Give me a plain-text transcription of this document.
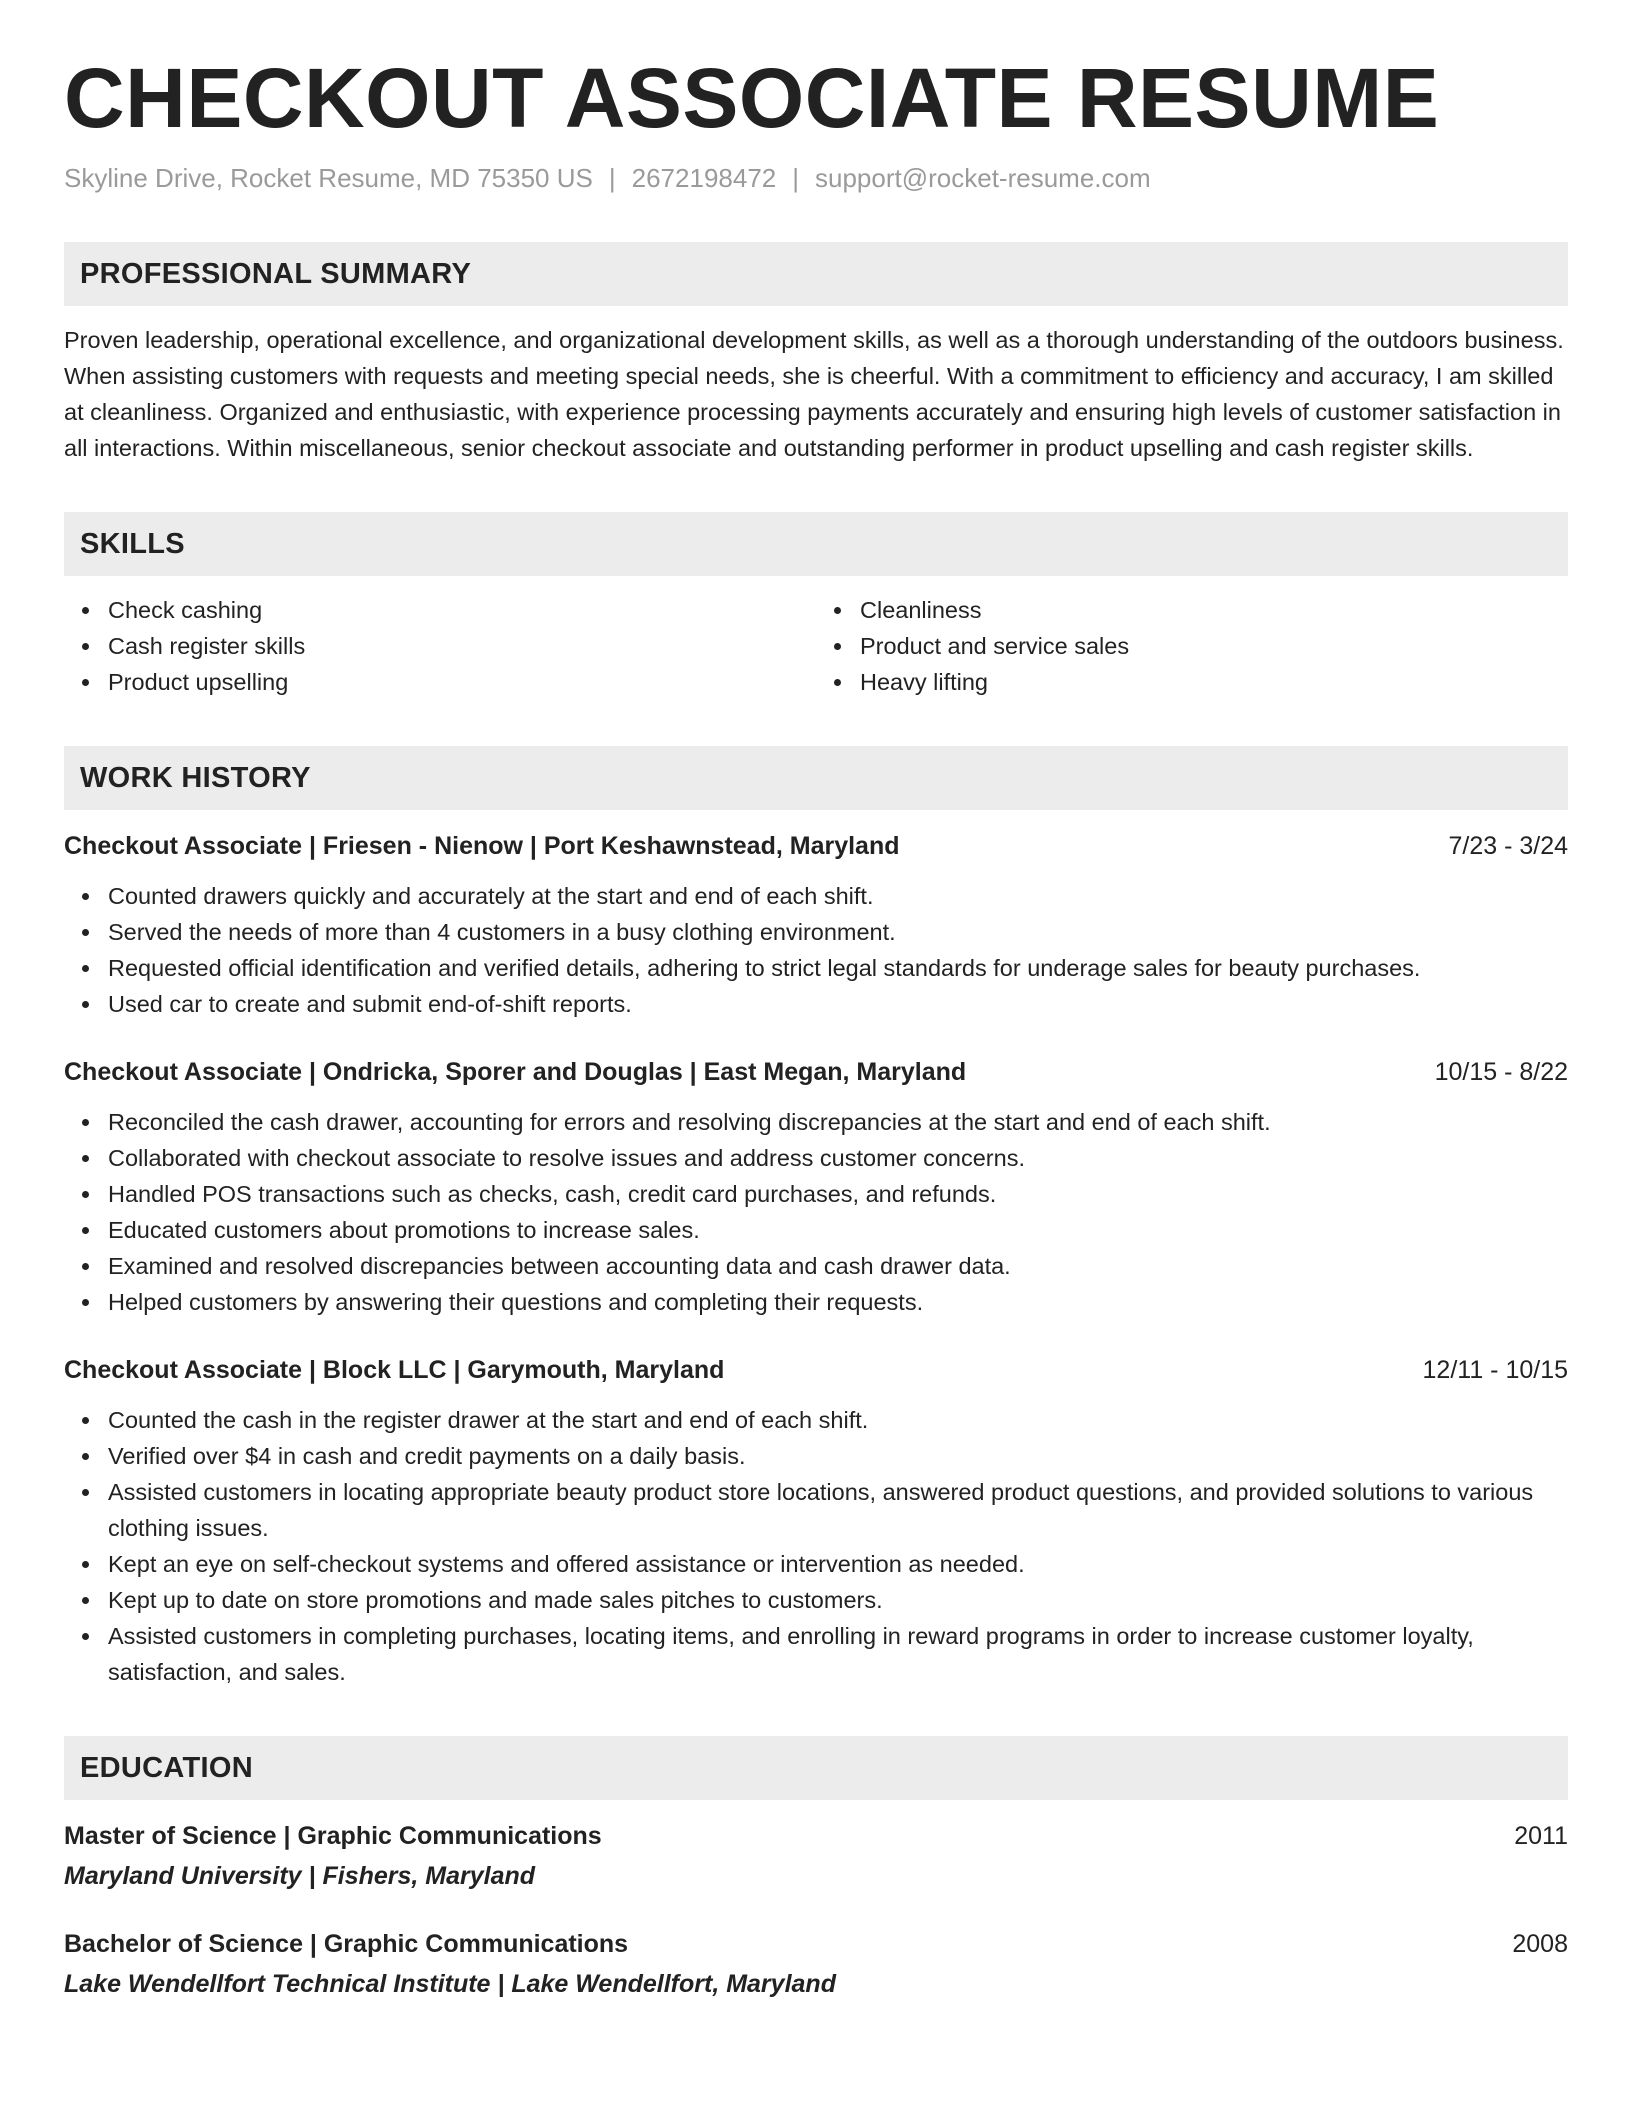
CHECKOUT ASSOCIATE RESUME
Skyline Drive, Rocket Resume, MD 75350 US | 2672198472 | support@rocket-resume.com
PROFESSIONAL SUMMARY
Proven leadership, operational excellence, and organizational development skills, as well as a thorough understanding of the outdoors business. When assisting customers with requests and meeting special needs, she is cheerful. With a commitment to efficiency and accuracy, I am skilled at cleanliness. Organized and enthusiastic, with experience processing payments accurately and ensuring high levels of customer satisfaction in all interactions. Within miscellaneous, senior checkout associate and outstanding performer in product upselling and cash register skills.
SKILLS
Check cashing
Cash register skills
Product upselling
Cleanliness
Product and service sales
Heavy lifting
WORK HISTORY
Checkout Associate | Friesen - Nienow | Port Keshawnstead, Maryland	7/23 - 3/24
Counted drawers quickly and accurately at the start and end of each shift.
Served the needs of more than 4 customers in a busy clothing environment.
Requested official identification and verified details, adhering to strict legal standards for underage sales for beauty purchases.
Used car to create and submit end-of-shift reports.
Checkout Associate | Ondricka, Sporer and Douglas | East Megan, Maryland	10/15 - 8/22
Reconciled the cash drawer, accounting for errors and resolving discrepancies at the start and end of each shift.
Collaborated with checkout associate to resolve issues and address customer concerns.
Handled POS transactions such as checks, cash, credit card purchases, and refunds.
Educated customers about promotions to increase sales.
Examined and resolved discrepancies between accounting data and cash drawer data.
Helped customers by answering their questions and completing their requests.
Checkout Associate | Block LLC | Garymouth, Maryland	12/11 - 10/15
Counted the cash in the register drawer at the start and end of each shift.
Verified over $4 in cash and credit payments on a daily basis.
Assisted customers in locating appropriate beauty product store locations, answered product questions, and provided solutions to various clothing issues.
Kept an eye on self-checkout systems and offered assistance or intervention as needed.
Kept up to date on store promotions and made sales pitches to customers.
Assisted customers in completing purchases, locating items, and enrolling in reward programs in order to increase customer loyalty, satisfaction, and sales.
EDUCATION
Master of Science | Graphic Communications	2011
Maryland University | Fishers, Maryland
Bachelor of Science | Graphic Communications	2008
Lake Wendellfort Technical Institute | Lake Wendellfort, Maryland
